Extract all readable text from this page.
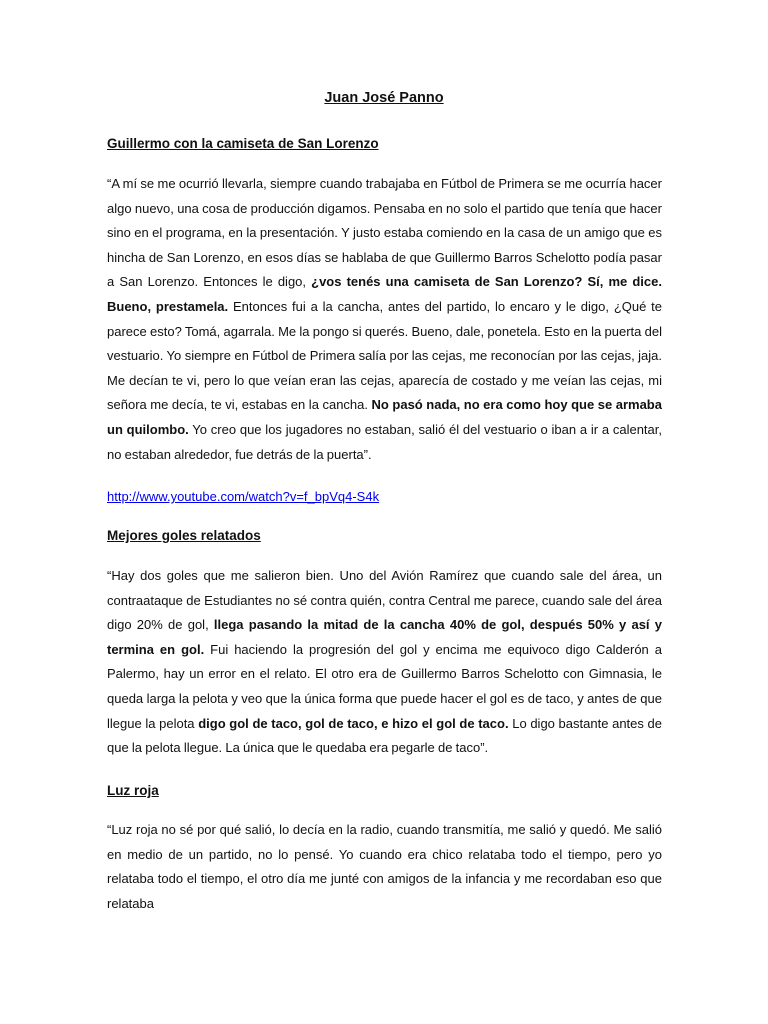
Juan José Panno
Guillermo con la camiseta de San Lorenzo

“A mí se me ocurrió llevarla, siempre cuando trabajaba en Fútbol de Primera se me ocurría hacer algo nuevo, una cosa de producción digamos. Pensaba en no solo el partido que tenía que hacer sino en el programa, en la presentación. Y justo estaba comiendo en la casa de un amigo que es hincha de San Lorenzo, en esos días se hablaba de que Guillermo Barros Schelotto podía pasar a San Lorenzo. Entonces le digo, ¿vos tenés una camiseta de San Lorenzo? Sí, me dice. Bueno, prestamela. Entonces fui a la cancha, antes del partido, lo encaro y le digo, ¿Qué te parece esto? Tomá, agarrala. Me la pongo si querés. Bueno, dale, ponetela. Esto en la puerta del vestuario. Yo siempre en Fútbol de Primera salía por las cejas, me reconocían por las cejas, jaja. Me decían te vi, pero lo que veían eran las cejas, aparecía de costado y me veían las cejas, mi señora me decía, te vi, estabas en la cancha. No pasó nada, no era como hoy que se armaba un quilombo. Yo creo que los jugadores no estaban, salió él del vestuario o iban a ir a calentar, no estaban alrededor, fue detrás de la puerta”.

http://www.youtube.com/watch?v=f_bpVq4-S4k
Mejores goles relatados

“Hay dos goles que me salieron bien. Uno del Avión Ramírez que cuando sale del área, un contraataque de Estudiantes no sé contra quién, contra Central me parece, cuando sale del área digo 20% de gol, llega pasando la mitad de la cancha 40% de gol, después 50% y así y termina en gol. Fui haciendo la progresión del gol y encima me equivoco digo Calderón a Palermo, hay un error en el relato. El otro era de Guillermo Barros Schelotto con Gimnasia, le queda larga la pelota y veo que la única forma que puede hacer el gol es de taco, y antes de que llegue la pelota digo gol de taco, gol de taco, e hizo el gol de taco. Lo digo bastante antes de que la pelota llegue. La única que le quedaba era pegarle de taco”.

Luz roja

“Luz roja no sé por qué salió, lo decía en la radio, cuando transmitía, me salió y quedó. Me salió en medio de un partido, no lo pensé. Yo cuando era chico relataba todo el tiempo, pero yo relataba todo el tiempo, el otro día me junté con amigos de la infancia y me recordaban eso que relataba
